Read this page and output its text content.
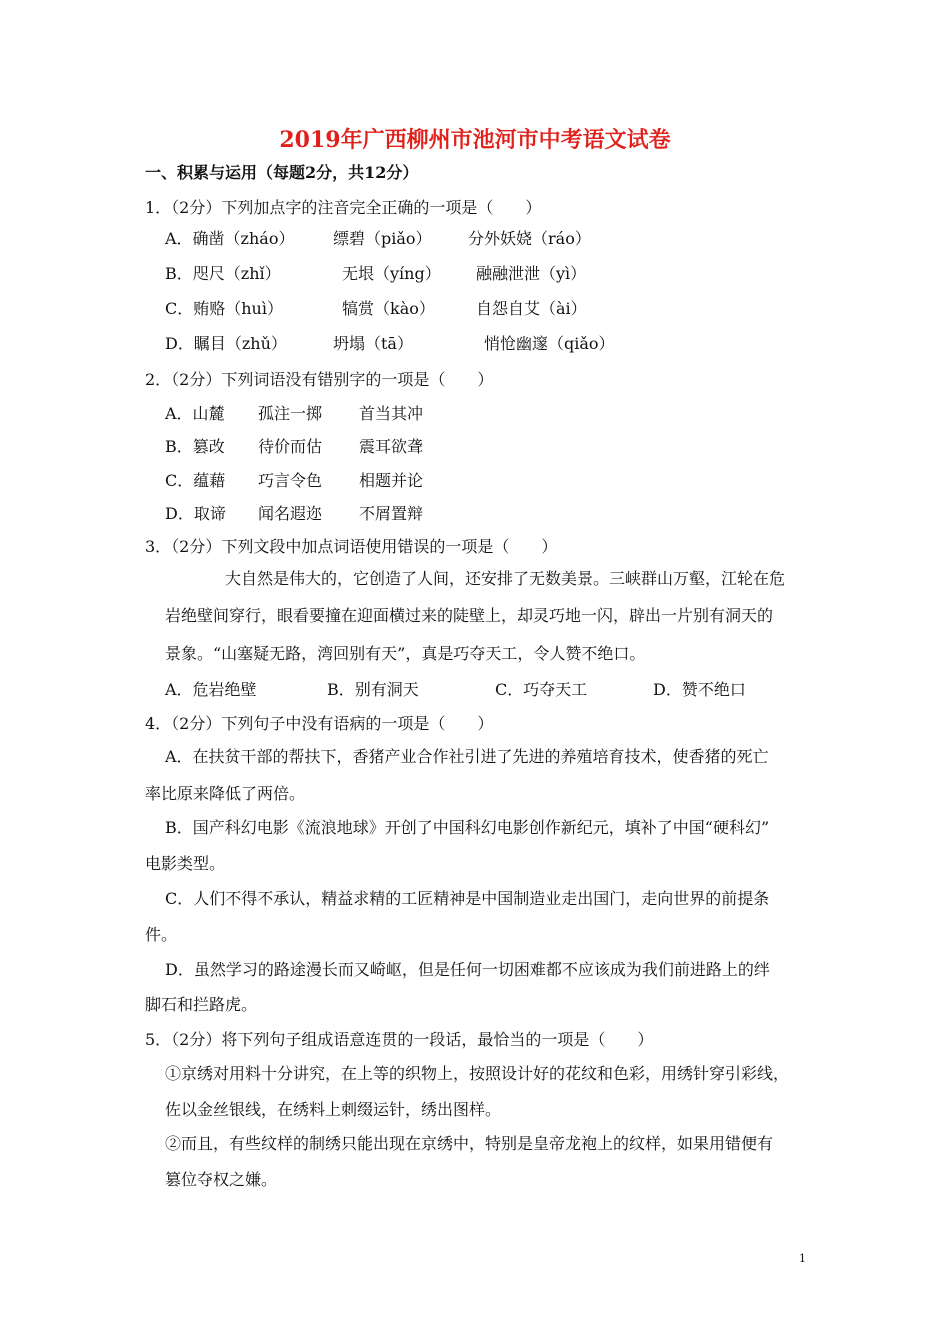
2019年广西柳州市池河市中考语文试卷
一、积累与运用（每题2分，共12分）
1．（2分）下列加点字的注音完全正确的一项是（　　）
A．确凿（zháo） 缥碧（piǎo） 分外妖娆（ráo）
B．咫尺（zhǐ）	无垠（yíng） 融融泄泄（yì）
C．贿赂（huì）	犒赏（kào）	自怨自艾（ài）
D．瞩目（zhǔ）	坍塌（tā）	悄怆幽邃（qiǎo）
2．（2分）下列词语没有错别字的一项是（　　）
A．山麓 孤注一掷 首当其冲
B．篡改 待价而估 震耳欲聋
C．蕴藉 巧言令色 相题并论
D．取谛 闻名遐迩 不屑置辩
3．（2分）下列文段中加点词语使用错误的一项是（　　）
大自然是伟大的，它创造了人间，还安排了无数美景。三峡群山万壑，江轮在危
岩绝壁间穿行，眼看要撞在迎面横过来的陡壁上，却灵巧地一闪，辟出一片别有洞天的
景象。“山塞疑无路，湾回别有天”，真是巧夺天工，令人赞不绝口。
A．危岩绝壁	B．别有洞天	C．巧夺天工	D．赞不绝口
4．（2分）下列句子中没有语病的一项是（　　）
A．在扶贫干部的帮扶下，香猪产业合作社引进了先进的养殖培育技术，使香猪的死亡
率比原来降低了两倍。
B．国产科幻电影《流浪地球》开创了中国科幻电影创作新纪元，填补了中国“硬科幻”
电影类型。
C．人们不得不承认，精益求精的工匠精神是中国制造业走出国门，走向世界的前提条
件。
D．虽然学习的路途漫长而又崎岖，但是任何一切困难都不应该成为我们前进路上的绊
脚石和拦路虎。
5．（2分）将下列句子组成语意连贯的一段话，最恰当的一项是（　　）
①京绣对用料十分讲究，在上等的织物上，按照设计好的花纹和色彩，用绣针穿引彩线，
佐以金丝银线，在绣料上刺缀运针，绣出图样。
②而且，有些纹样的制绣只能出现在京绣中，特别是皇帝龙袍上的纹样，如果用错便有
篡位夺权之嫌。
1
